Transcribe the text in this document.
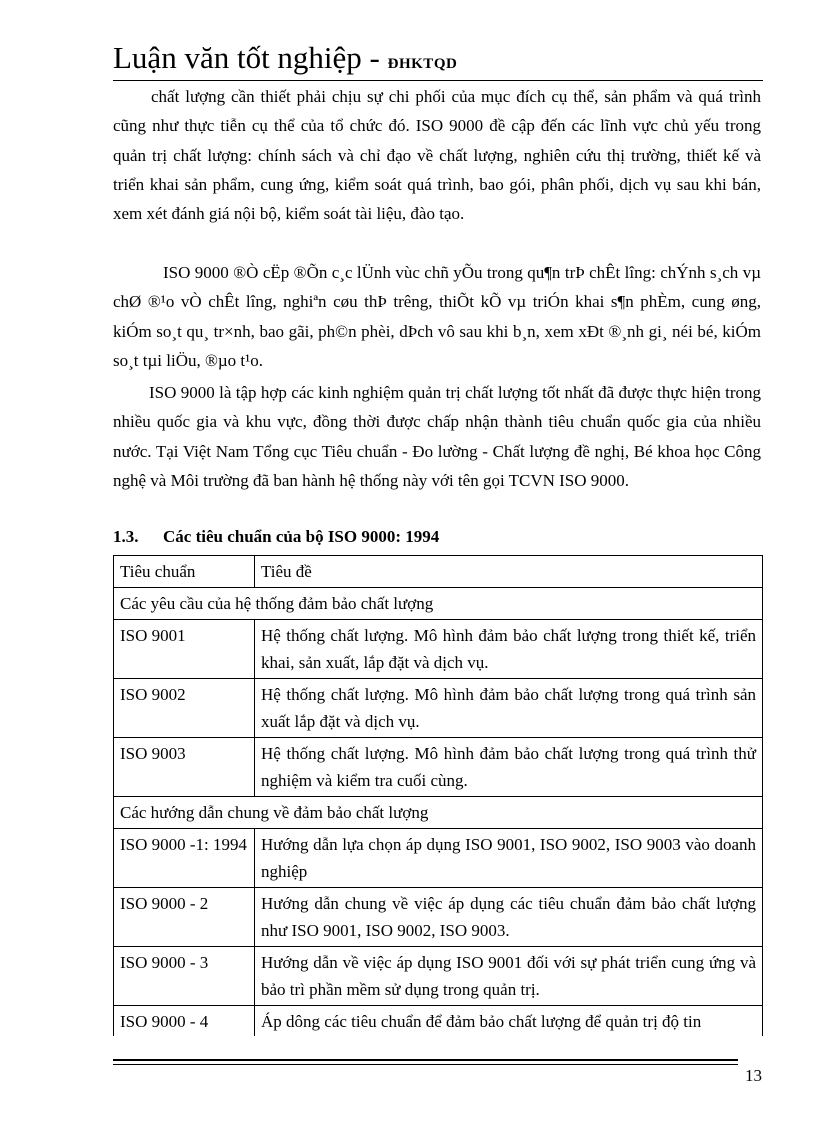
Luận văn tốt nghiệp - ĐHKTQD

chất lượng cần thiết phải chịu sự chi phối của mục đích cụ thể, sản phẩm và quá trình cũng như thực tiễn cụ thể của tổ chức đó. ISO 9000 đề cập đến các lĩnh vực chủ yếu trong quản trị chất lượng: chính sách và chỉ đạo về chất lượng, nghiên cứu thị trường, thiết kế và triển khai sản phẩm, cung ứng, kiểm soát quá trình, bao gói, phân phối, dịch vụ sau khi bán, xem xét đánh giá nội bộ, kiểm soát tài liệu, đào tạo.

ISO 9000 ®Ò cËp ®Õn c¸c lÜnh vùc chñ yÕu trong qu¶n trÞ chÊt lîng: chÝnh s¸ch vµ chØ ®¹o vÒ chÊt lîng, nghiªn cøu thÞ trêng, thiÕt kÕ vµ triÓn khai s¶n phÈm, cung øng, kiÓm so¸t qu¸ tr×nh, bao gãi, ph©n phèi, dÞch vô sau khi b¸n, xem xÐt ®¸nh gi¸ néi bé, kiÓm so¸t tµi liÖu, ®µo t¹o.

ISO 9000 là tập hợp các kinh nghiệm quản trị chất lượng tốt nhất đã được thực hiện trong nhiều quốc gia và khu vực, đồng thời được chấp nhận thành tiêu chuẩn quốc gia của nhiều nước. Tại Việt Nam Tổng cục Tiêu chuẩn - Đo lường - Chất lượng đề nghị, Bé khoa học Công nghệ và Môi trường đã ban hành hệ thống này với tên gọi TCVN ISO 9000.

1.3. Các tiêu chuẩn của bộ ISO 9000: 1994
Tiêu chuẩn	Tiêu đề
Các yêu cầu của hệ thống đảm bảo chất lượng	
ISO 9001	Hệ thống chất lượng. Mô hình đảm bảo chất lượng trong thiết kế, triển khai, sản xuất, lắp đặt và dịch vụ.
ISO 9002	Hệ thống chất lượng. Mô hình đảm bảo chất lượng trong quá trình sản xuất lắp đặt và dịch vụ.
ISO 9003	Hệ thống chất lượng. Mô hình đảm bảo chất lượng trong quá trình thử nghiệm và kiểm tra cuối cùng.
Các hướng dẫn chung về đảm bảo chất lượng	
ISO 9000 -1: 1994	Hướng dẫn lựa chọn áp dụng ISO 9001, ISO 9002, ISO 9003 vào doanh nghiệp
ISO 9000 - 2	Hướng dẫn chung về việc áp dụng các tiêu chuẩn đảm bảo chất lượng như ISO 9001, ISO 9002, ISO 9003.
ISO 9000 - 3	Hướng dẫn về việc áp dụng ISO 9001 đối với sự phát triển cung ứng và bảo trì phần mềm sử dụng trong quản trị.
ISO 9000 - 4	Áp dông các tiêu chuẩn để đảm bảo chất lượng để quản trị độ tin
13
